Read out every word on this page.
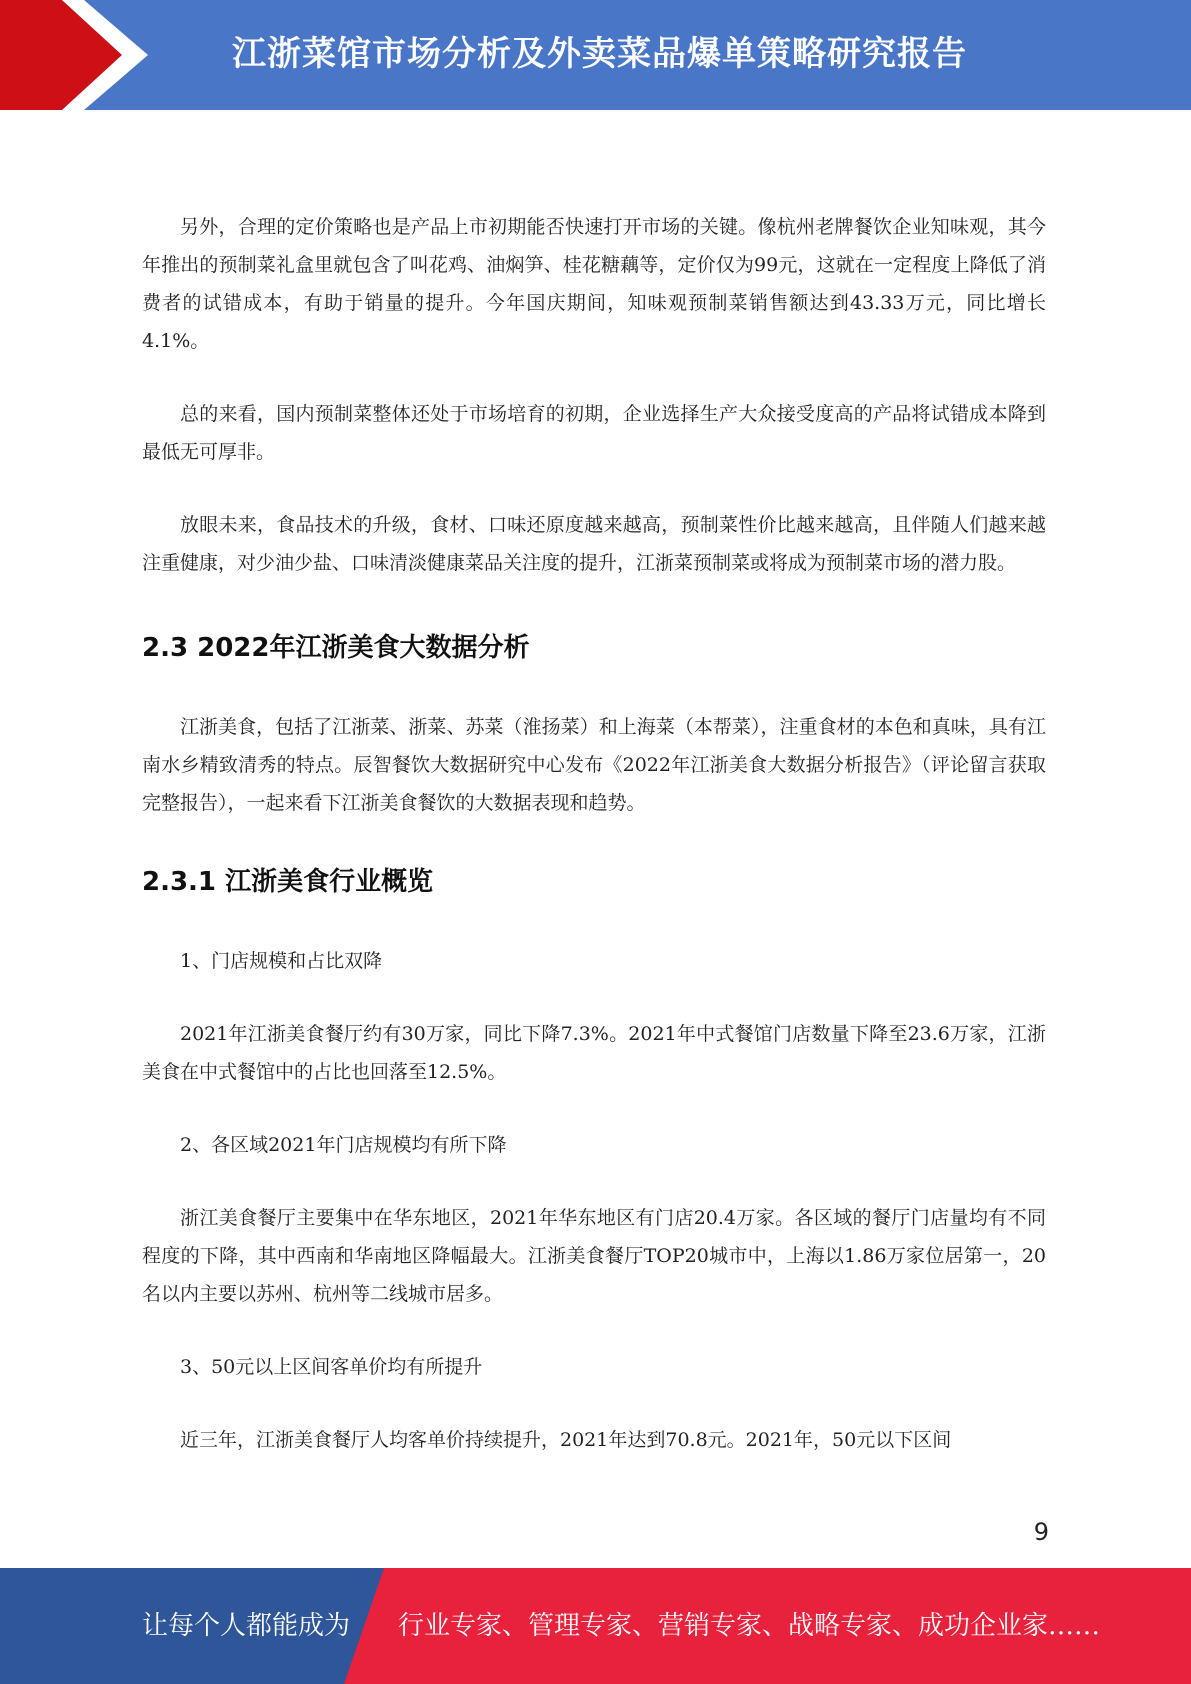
江浙菜馆市场分析及外卖菜品爆单策略研究报告

另外，合理的定价策略也是产品上市初期能否快速打开市场的关键。像杭州老牌餐饮企业知味观，其今年推出的预制菜礼盒里就包含了叫花鸡、油焖笋、桂花糖藕等，定价仅为99元，这就在一定程度上降低了消费者的试错成本，有助于销量的提升。今年国庆期间，知味观预制菜销售额达到43.33万元，同比增长4.1%。

总的来看，国内预制菜整体还处于市场培育的初期，企业选择生产大众接受度高的产品将试错成本降到最低无可厚非。

放眼未来，食品技术的升级，食材、口味还原度越来越高，预制菜性价比越来越高，且伴随人们越来越注重健康，对少油少盐、口味清淡健康菜品关注度的提升，江浙菜预制菜或将成为预制菜市场的潜力股。

2.3 2022年江浙美食大数据分析

江浙美食，包括了江浙菜、浙菜、苏菜（淮扬菜）和上海菜（本帮菜），注重食材的本色和真味，具有江南水乡精致清秀的特点。辰智餐饮大数据研究中心发布《2022年江浙美食大数据分析报告》（评论留言获取完整报告），一起来看下江浙美食餐饮的大数据表现和趋势。

2.3.1 江浙美食行业概览

1、门店规模和占比双降

2021年江浙美食餐厅约有30万家，同比下降7.3%。2021年中式餐馆门店数量下降至23.6万家，江浙美食在中式餐馆中的占比也回落至12.5%。

2、各区域2021年门店规模均有所下降

浙江美食餐厅主要集中在华东地区，2021年华东地区有门店20.4万家。各区域的餐厅门店量均有不同程度的下降，其中西南和华南地区降幅最大。江浙美食餐厅TOP20城市中，上海以1.86万家位居第一，20名以内主要以苏州、杭州等二线城市居多。

3、50元以上区间客单价均有所提升

近三年，江浙美食餐厅人均客单价持续提升，2021年达到70.8元。2021年，50元以下区间

9
让每个人都能成为 行业专家、管理专家、营销专家、战略专家、成功企业家……
